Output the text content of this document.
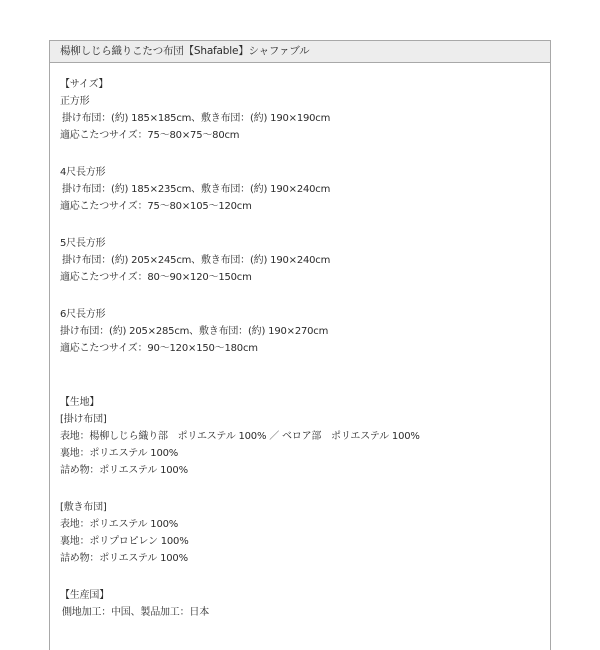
楊柳しじら織りこたつ布団【Shafable】シャファブル
【サイズ】
正方形
掛け布団：(約) 185×185cm、敷き布団：(約) 190×190cm
適応こたつサイズ：75〜80×75〜80cm
4尺長方形
掛け布団：(約) 185×235cm、敷き布団：(約) 190×240cm
適応こたつサイズ：75〜80×105〜120cm
5尺長方形
掛け布団：(約) 205×245cm、敷き布団：(約) 190×240cm
適応こたつサイズ：80〜90×120〜150cm
6尺長方形
掛け布団：(約) 205×285cm、敷き布団：(約) 190×270cm
適応こたつサイズ：90〜120×150〜180cm
【生地】
[掛け布団]
表地：楊柳しじら織り部　ポリエステル 100% ／ ベロア部　ポリエステル 100%
裏地：ポリエステル 100%
詰め物：ポリエステル 100%
[敷き布団]
表地：ポリエステル 100%
裏地：ポリプロピレン 100%
詰め物：ポリエステル 100%
【生産国】
側地加工：中国、製品加工：日本
